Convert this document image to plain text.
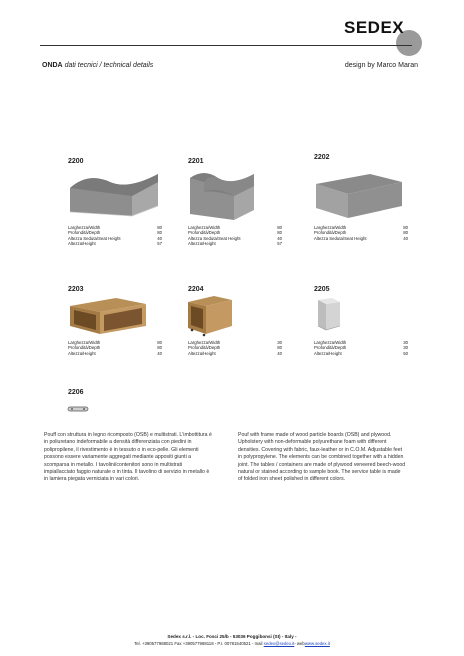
SEDEX
ONDA dati tecnici / technical details	design by Marco Maran
2200
Larghezza/Width	80
Profondità/Depth	80
Altezza Seduta/Seat Height	40
Altezza/Height	57
2201
Larghezza/Width	80
Profondità/Depth	80
Altezza Seduta/Seat Height	40
Altezza/Height	57
2202
Larghezza/Width	80
Profondità/Depth	80
Altezza Seduta/Seat Height	40
2203
Larghezza/Width	80
Profondità/Depth	80
Altezza/Height	40
2204
Larghezza/Width	30
Profondità/Depth	80
Altezza/Height	40
2205
Larghezza/Width	30
Profondità/Depth	30
Altezza/Height	50
2206
Pouff con struttura in legno ricomposto (OSB) e multistrati. L'imbottitura è in poliuretano indeformabile a densità differenziata con piedini in polipropilene, il rivestimento è in tessuto o in eco-pelle. Gli elementi possono essere variamente aggregati mediante appositi giunti a scomparsa in metallo. I tavolini/contenitori sono in multistrati impiallacciato faggio naturale o in tinta. Il tavolino di servizio in metallo è in lamiera piegata verniciata in vari colori.
Pouf with frame made of wood particle boards (OSB) and plywood. Upholstery with non-deformable polyurethane foam with different densities. Covering with fabric, faux-leather or in C.O.M. Adjustable feet in polypropylene. The elements can be combined together with a hidden joint. The tables / containers are made of plywood veneered beech-wood natural or stained according to sample book. The service table is made of folded iron sheet polished in different colors.
Sedex s.r.l. - Loc. Fosci 25/b - 53036 Poggibonsi (SI) - Italy -
Tel. +390577988021 Fax +390577988118 - P.I. 00781540521 - mail sedex@sedex.it- webwww.sedex.it
